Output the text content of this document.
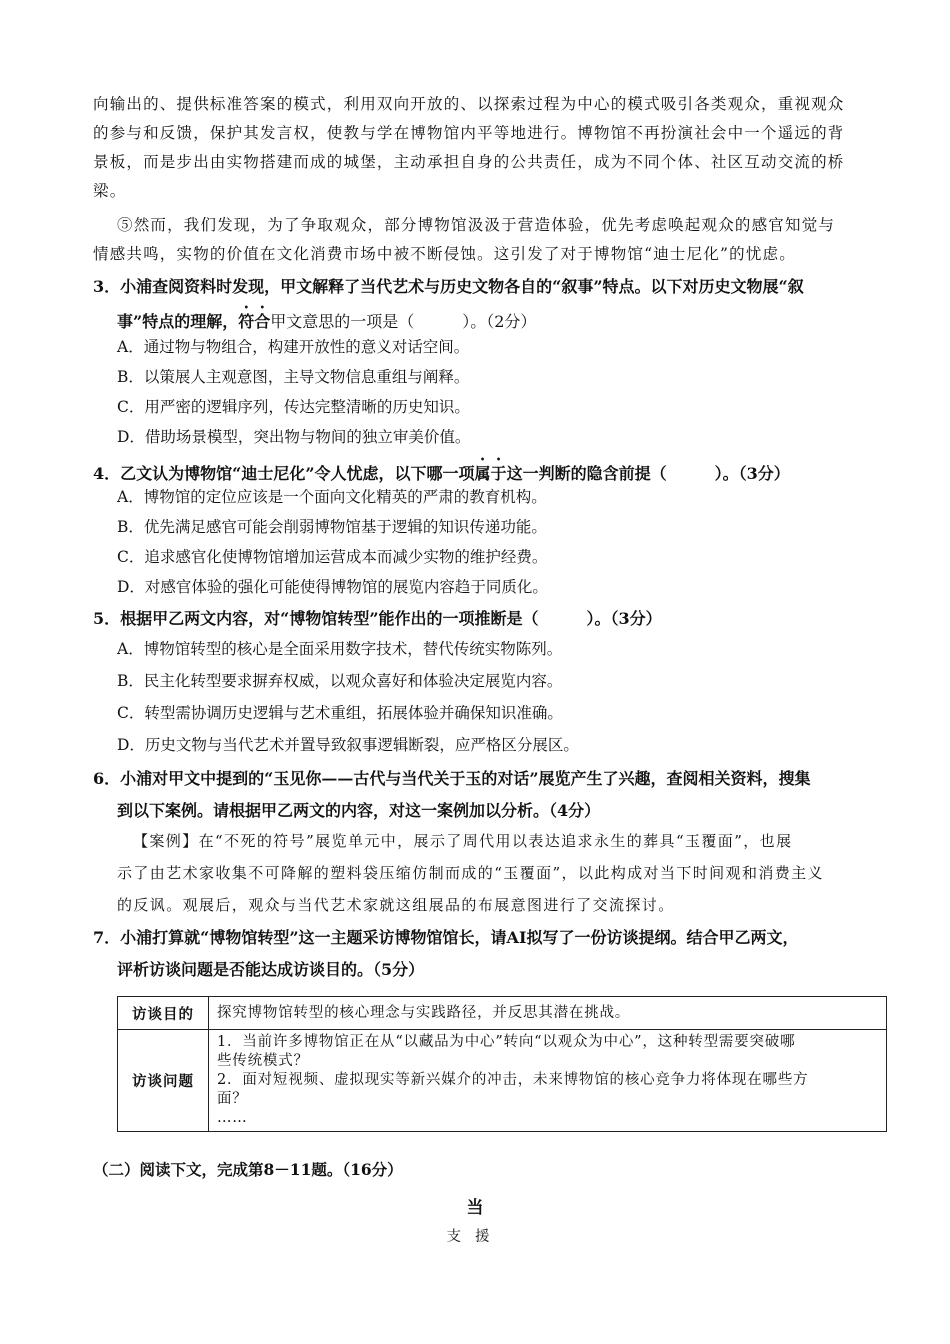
向输出的、提供标准答案的模式，利用双向开放的、以探索过程为中心的模式吸引各类观众，重视观众
的参与和反馈，保护其发言权，使教与学在博物馆内平等地进行。博物馆不再扮演社会中一个遥远的背
景板，而是步出由实物搭建而成的城堡，主动承担自身的公共责任，成为不同个体、社区互动交流的桥
梁。
⑤然而，我们发现，为了争取观众，部分博物馆汲汲于营造体验，优先考虑唤起观众的感官知觉与
情感共鸣，实物的价值在文化消费市场中被不断侵蚀。这引发了对于博物馆“迪士尼化”的忧虑。
3．小浦查阅资料时发现，甲文解释了当代艺术与历史文物各自的“叙事”特点。以下对历史文物展“叙
事”特点的理解，符合甲文意思的一项是（　　　）。（2分）

A．通过物与物组合，构建开放性的意义对话空间。

B．以策展人主观意图，主导文物信息重组与阐释。

C．用严密的逻辑序列，传达完整清晰的历史知识。

D．借助场景模型，突出物与物间的独立审美价值。

4．乙文认为博物馆“迪士尼化”令人忧虑，以下哪一项属于这一判断的隐含前提（　　　）。（3分）

A．博物馆的定位应该是一个面向文化精英的严肃的教育机构。

B．优先满足感官可能会削弱博物馆基于逻辑的知识传递功能。

C．追求感官化使博物馆增加运营成本而减少实物的维护经费。

D．对感官体验的强化可能使得博物馆的展览内容趋于同质化。

5．根据甲乙两文内容，对“博物馆转型”能作出的一项推断是（　　　）。（3分）

A．博物馆转型的核心是全面采用数字技术，替代传统实物陈列。

B．民主化转型要求摒弃权威，以观众喜好和体验决定展览内容。

C．转型需协调历史逻辑与艺术重组，拓展体验并确保知识准确。

D．历史文物与当代艺术并置导致叙事逻辑断裂，应严格区分展区。

6．小浦对甲文中提到的“玉见你——古代与当代关于玉的对话”展览产生了兴趣，查阅相关资料，搜集
到以下案例。请根据甲乙两文的内容，对这一案例加以分析。（4分）
【案例】在“不死的符号”展览单元中，展示了周代用以表达追求永生的葬具“玉覆面”，也展
示了由艺术家收集不可降解的塑料袋压缩仿制而成的“玉覆面”，以此构成对当下时间观和消费主义
的反讽。观展后，观众与当代艺术家就这组展品的布展意图进行了交流探讨。
7．小浦打算就“博物馆转型”这一主题采访博物馆馆长，请AI拟写了一份访谈提纲。结合甲乙两文，
评析访谈问题是否能达成访谈目的。（5分）
访谈目的	探究博物馆转型的核心理念与实践路径，并反思其潜在挑战。
访谈问题	1．当前许多博物馆正在从“以藏品为中心”转向“以观众为中心”，这种转型需要突破哪
些传统模式？
2．面对短视频、虚拟现实等新兴媒介的冲击，未来博物馆的核心竞争力将体现在哪些方
面？
……

（二）阅读下文，完成第8－11题。（16分）

当

支援
